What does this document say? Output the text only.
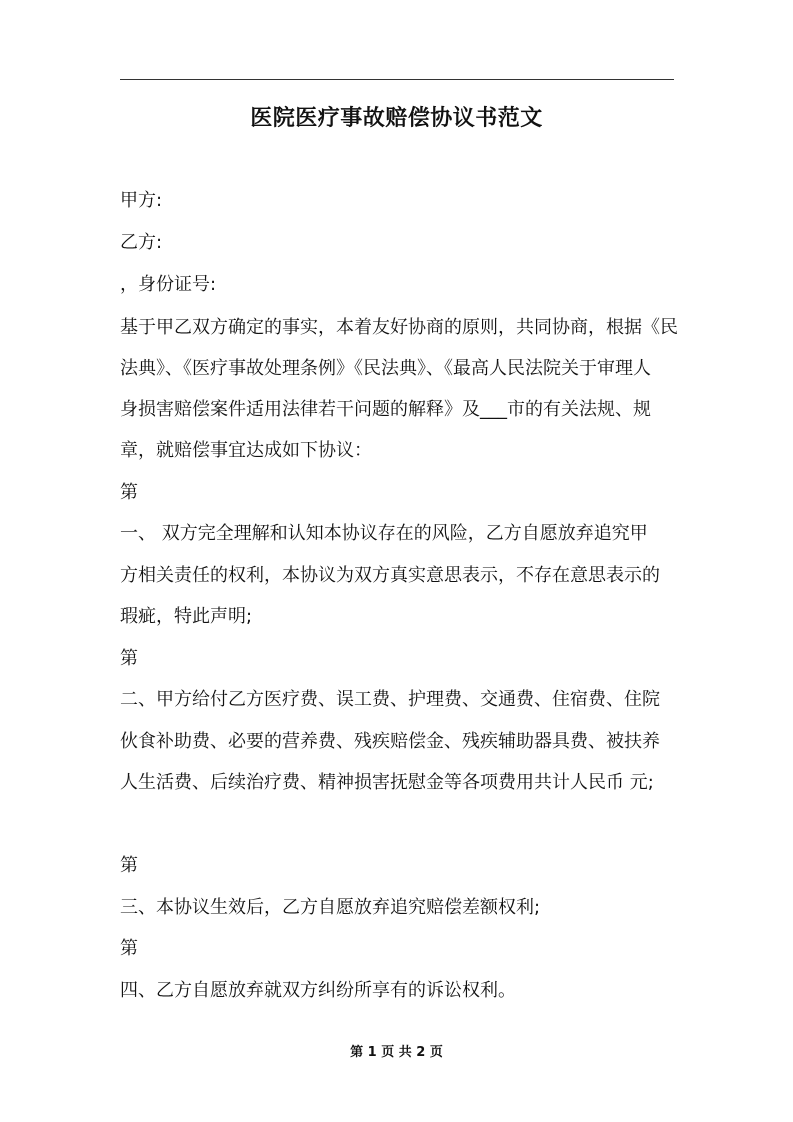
医院医疗事故赔偿协议书范文
甲方:
乙方:
，身份证号:
基于甲乙双方确定的事实，本着友好协商的原则，共同协商，根据《民
法典》、《医疗事故处理条例》《民法典》、《最高人民法院关于审理人
身损害赔偿案件适用法律若干问题的解释》及___市的有关法规、规
章，就赔偿事宜达成如下协议：
第
一、 双方完全理解和认知本协议存在的风险，乙方自愿放弃追究甲
方相关责任的权利，本协议为双方真实意思表示，不存在意思表示的
瑕疵，特此声明;
第
二、甲方给付乙方医疗费、误工费、护理费、交通费、住宿费、住院
伙食补助费、必要的营养费、残疾赔偿金、残疾辅助器具费、被扶养
人生活费、后续治疗费、精神损害抚慰金等各项费用共计人民币 元;
第
三、本协议生效后，乙方自愿放弃追究赔偿差额权利;
第
四、乙方自愿放弃就双方纠纷所享有的诉讼权利。
第 1 页 共 2 页
